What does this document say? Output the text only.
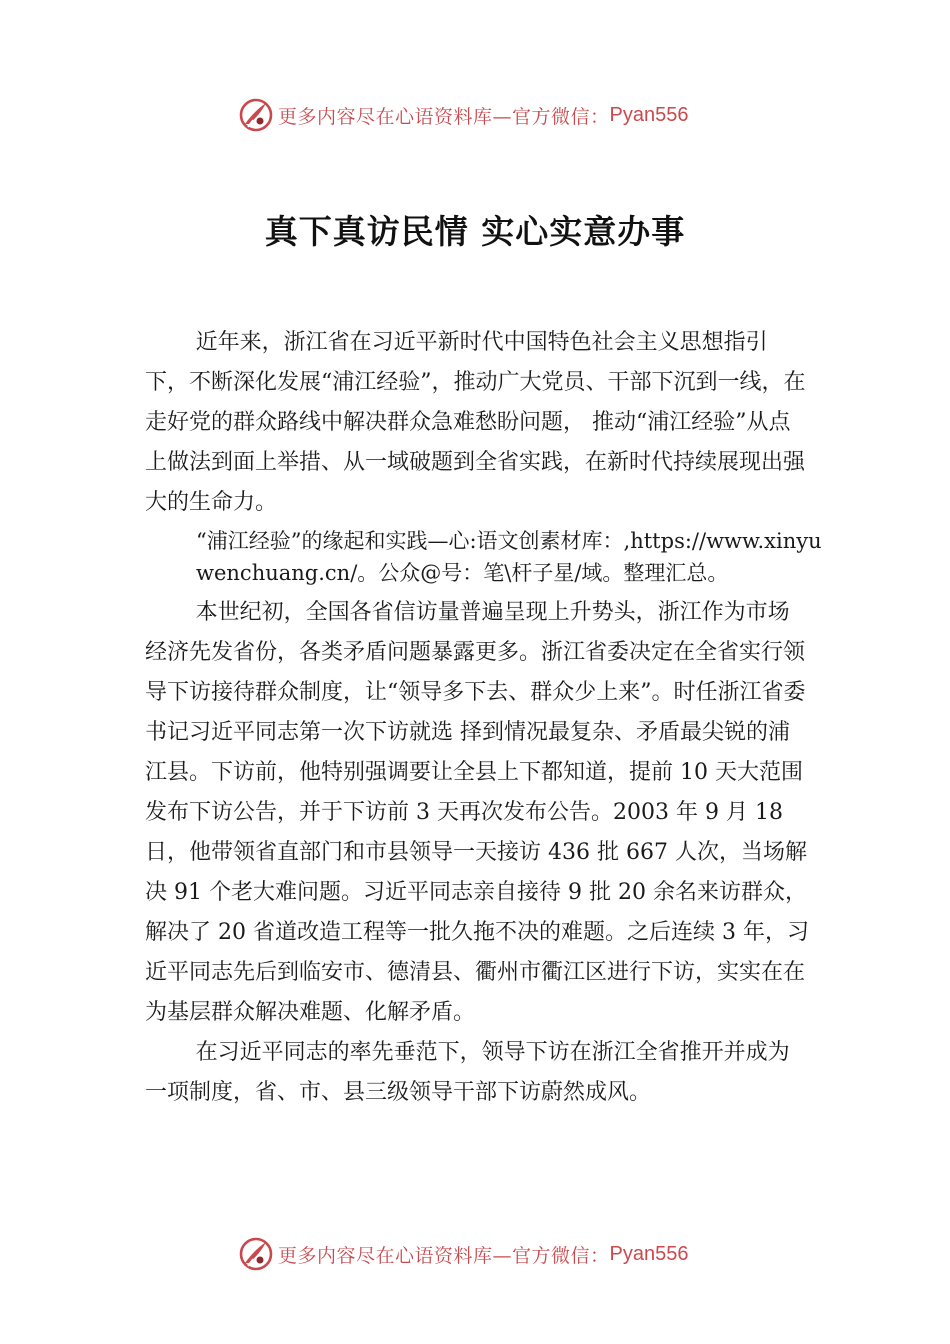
更多内容尽在心语资料库—官方微信： Pyan556
真下真访民情 实心实意办事

近年来，浙江省在习近平新时代中国特色社会主义思想指引下，不断深化发展“浦江经验”，推动广大党员、干部下沉到一线，在走好党的群众路线中解决群众急难愁盼问题， 推动“浦江经验”从点上做法到面上举措、从一域破题到全省实践，在新时代持续展现出强大的生命力。

“浦江经验”的缘起和实践—心:语文创素材库：,https://www.xinyuwenchuang.cn/。公众@号：笔\杆子星/域。整理汇总。

本世纪初，全国各省信访量普遍呈现上升势头，浙江作为市场经济先发省份，各类矛盾问题暴露更多。浙江省委决定在全省实行领导下访接待群众制度，让“领导多下去、群众少上来”。时任浙江省委书记习近平同志第一次下访就选 择到情况最复杂、矛盾最尖锐的浦江县。下访前，他特别强调要让全县上下都知道，提前 10 天大范围发布下访公告，并于下访前 3 天再次发布公告。2003 年 9 月 18 日，他带领省直部门和市县领导一天接访 436 批 667 人次，当场解决 91 个老大难问题。习近平同志亲自接待 9 批 20 余名来访群众，解决了 20 省道改造工程等一批久拖不决的难题。之后连续 3 年，习近平同志先后到临安市、德清县、衢州市衢江区进行下访，实实在在为基层群众解决难题、化解矛盾。

在习近平同志的率先垂范下，领导下访在浙江全省推开并成为一项制度，省、市、县三级领导干部下访蔚然成风。

更多内容尽在心语资料库—官方微信： Pyan556
